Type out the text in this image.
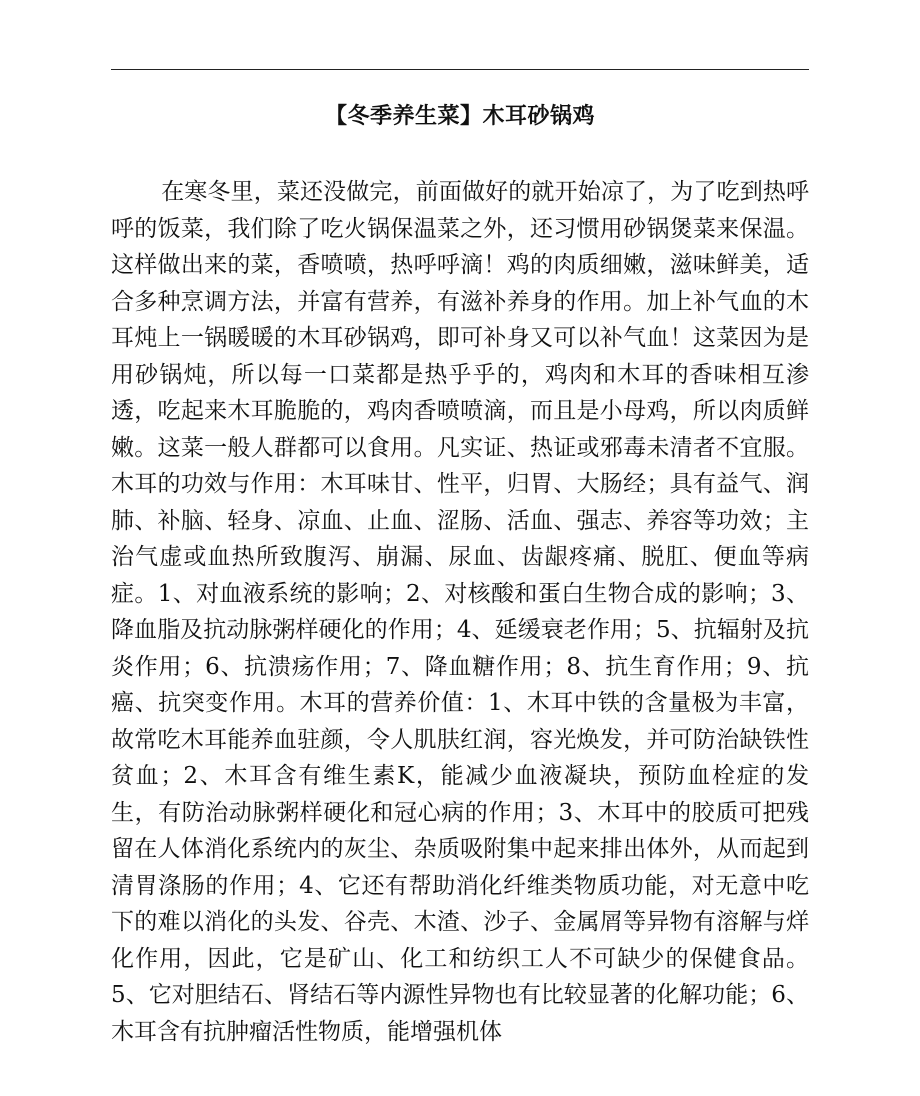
【冬季养生菜】木耳砂锅鸡
在寒冬里，菜还没做完，前面做好的就开始凉了，为了吃到热呼呼的饭菜，我们除了吃火锅保温菜之外，还习惯用砂锅煲菜来保温。这样做出来的菜，香喷喷，热呼呼滴！鸡的肉质细嫩，滋味鲜美，适合多种烹调方法，并富有营养，有滋补养身的作用。加上补气血的木耳炖上一锅暖暖的木耳砂锅鸡，即可补身又可以补气血！这菜因为是用砂锅炖，所以每一口菜都是热乎乎的，鸡肉和木耳的香味相互渗透，吃起来木耳脆脆的，鸡肉香喷喷滴，而且是小母鸡，所以肉质鲜嫩。这菜一般人群都可以食用。凡实证、热证或邪毒未清者不宜服。木耳的功效与作用：木耳味甘、性平，归胃、大肠经；具有益气、润肺、补脑、轻身、凉血、止血、涩肠、活血、强志、养容等功效；主治气虚或血热所致腹泻、崩漏、尿血、齿龈疼痛、脱肛、便血等病症。1、对血液系统的影响；2、对核酸和蛋白生物合成的影响；3、降血脂及抗动脉粥样硬化的作用；4、延缓衰老作用；5、抗辐射及抗炎作用；6、抗溃疡作用；7、降血糖作用；8、抗生育作用；9、抗癌、抗突变作用。木耳的营养价值：1、木耳中铁的含量极为丰富，故常吃木耳能养血驻颜，令人肌肤红润，容光焕发，并可防治缺铁性贫血；2、木耳含有维生素K，能减少血液凝块，预防血栓症的发生，有防治动脉粥样硬化和冠心病的作用；3、木耳中的胶质可把残留在人体消化系统内的灰尘、杂质吸附集中起来排出体外，从而起到清胃涤肠的作用；4、它还有帮助消化纤维类物质功能，对无意中吃下的难以消化的头发、谷壳、木渣、沙子、金属屑等异物有溶解与烊化作用，因此，它是矿山、化工和纺织工人不可缺少的保健食品。5、它对胆结石、肾结石等内源性异物也有比较显著的化解功能；6、木耳含有抗肿瘤活性物质，能增强机体
